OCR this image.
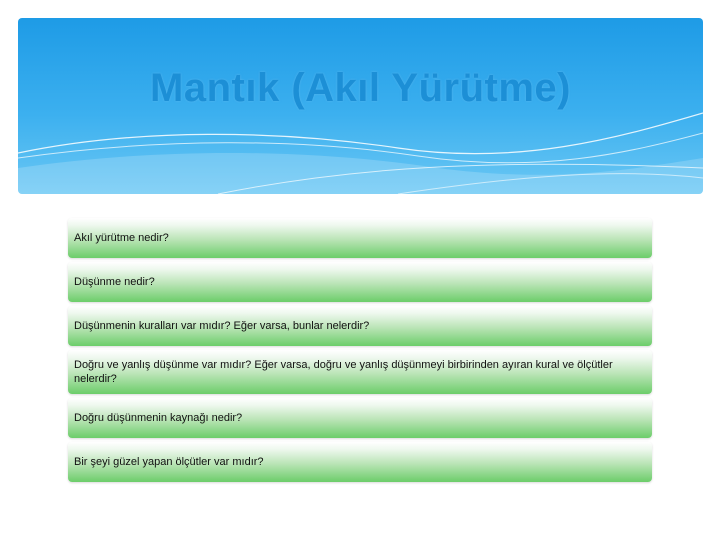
Mantık (Akıl Yürütme)
Akıl yürütme nedir?
Düşünme nedir?
Düşünmenin kuralları var mıdır? Eğer varsa, bunlar nelerdir?
Doğru ve yanlış düşünme var mıdır? Eğer varsa, doğru ve yanlış düşünmeyi birbirinden ayıran kural ve ölçütler nelerdir?
Doğru düşünmenin kaynağı nedir?
Bir şeyi güzel yapan ölçütler var mıdır?
